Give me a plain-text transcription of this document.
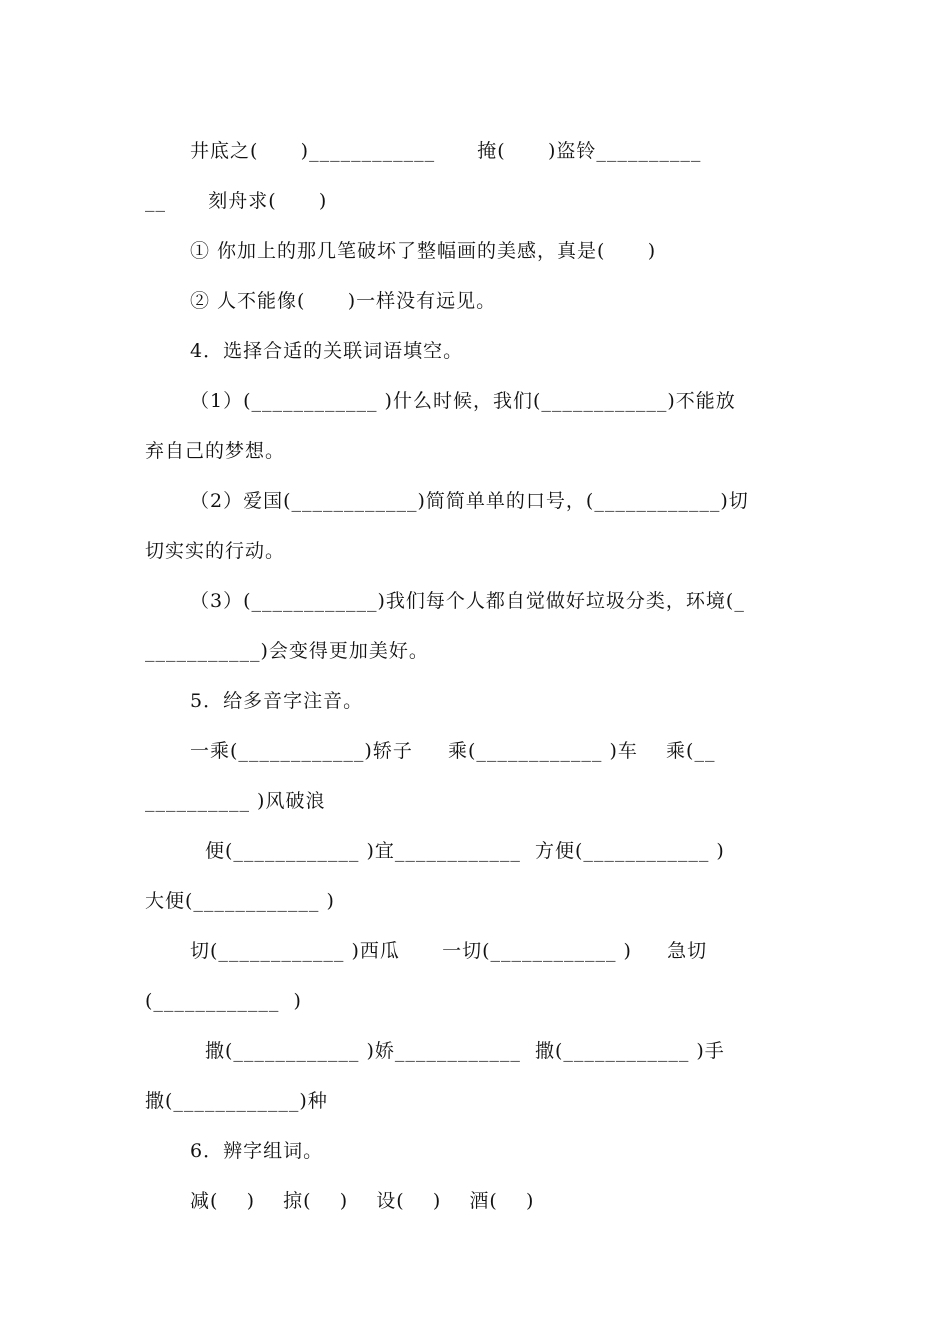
井底之(      )____________      掩(      )盗铃__________
__      刻舟求(      )
① 你加上的那几笔破坏了整幅画的美感，真是(      )
② 人不能像(      )一样没有远见。
4．选择合适的关联词语填空。
（1）(____________ )什么时候，我们(____________)不能放
弃自己的梦想。
（2）爱国(____________)简简单单的口号，(____________)切
切实实的行动。
（3）(____________)我们每个人都自觉做好垃圾分类，环境(_
___________)会变得更加美好。
5．给多音字注音。
一乘(____________)轿子     乘(____________ )车    乘(__
__________ )风破浪
便(____________ )宜____________  方便(____________ )
大便(____________ )
切(____________ )西瓜      一切(____________ )     急切
(____________  )
撒(____________ )娇____________  撒(____________ )手
撒(____________)种
6．辨字组词。
减(    )    掠(    )    设(    )    酒(    )
